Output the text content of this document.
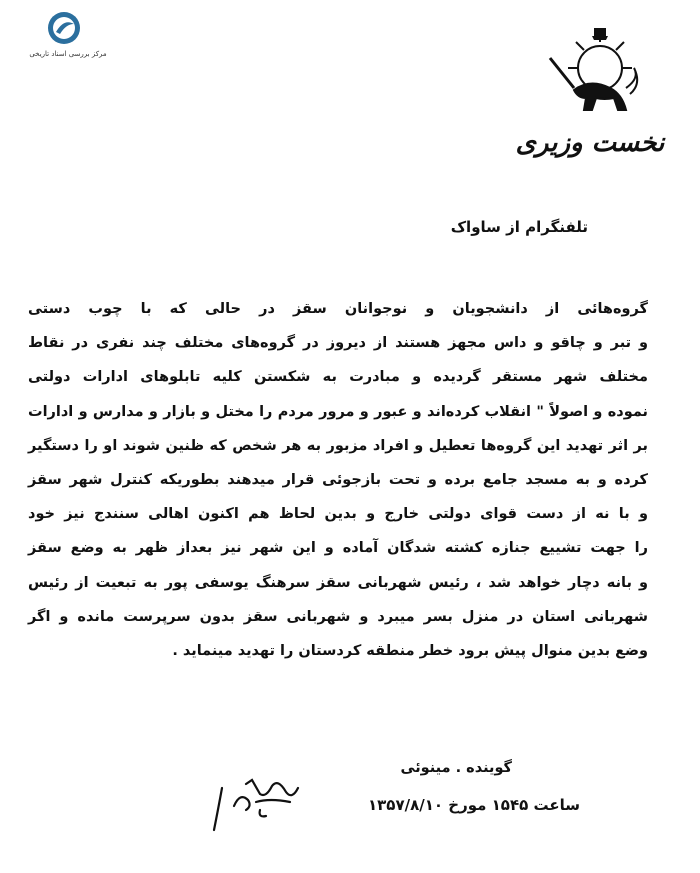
مرکز بررسی اسناد تاریخی
نخست وزیری
تلفنگرام از ساواک
گروه‌هائی از دانشجویان و نوجوانان سقز در حالی که با چوب دستی
و تبر و چاقو و داس مجهز هستند از دیروز در گروه‌های مختلف چند نفری در نقاط
مختلف شهر مستقر گردیده و مبادرت به شکستن کلیه تابلوهای ادارات دولتی
نموده و اصولاً " انقلاب کرده‌اند و عبور و مرور مردم را مختل و بازار و مدارس و ادارات
بر اثر تهدید این گروه‌ها تعطیل و افراد مزبور به هر شخص که ظنین شوند او را دستگیر
کرده و به مسجد جامع برده و تحت بازجوئی قرار میدهند بطوریکه کنترل شهر سقز
و با نه از دست قوای دولتی خارج و بدین لحاظ هم اکنون اهالی سنندج نیز خود
را جهت تشییع جنازه کشته شدگان آماده و این شهر نیز بعداز ظهر به وضع سقز
و بانه دچار خواهد شد ، رئیس شهربانی سقز سرهنگ یوسفی پور به تبعیت از رئیس
شهربانی استان در منزل بسر میبرد و شهربانی سقز بدون سرپرست مانده و اگر
وضع بدین منوال پیش برود خطر منطقه کردستان را تهدید مینماید .
گوینده . مینوئی
ساعت ۱۵۴۵ مورخ ۱۳۵۷/۸/۱۰
